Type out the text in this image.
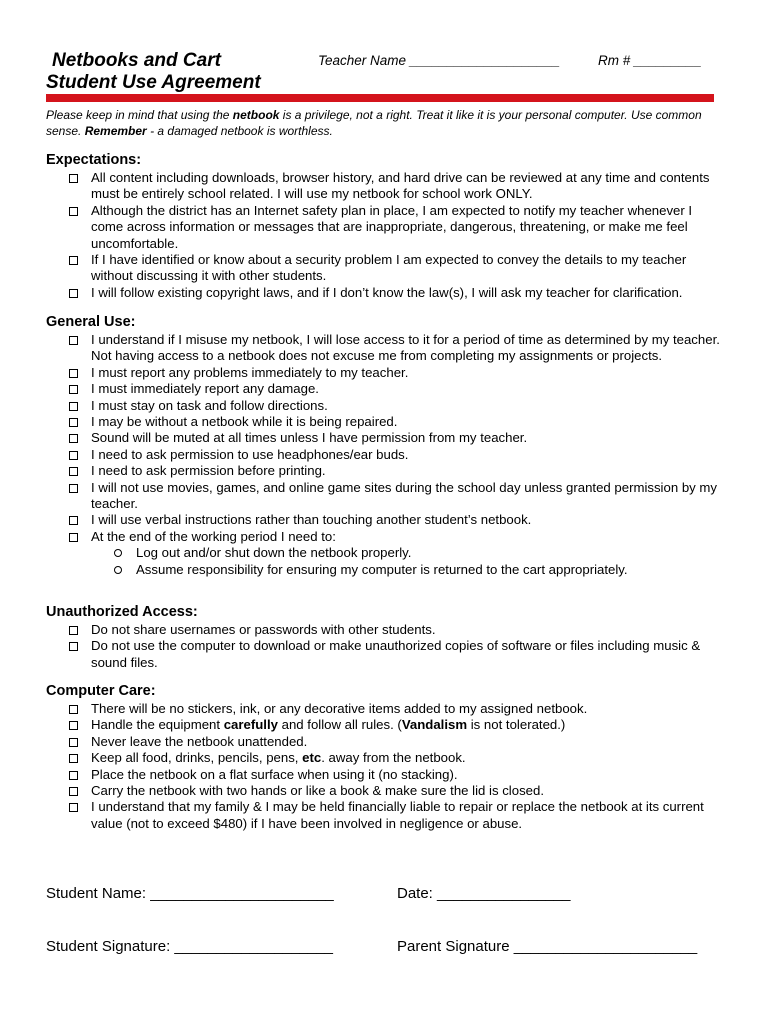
Netbooks and Cart
Student Use Agreement
Teacher Name ____________________	Rm # _________
Please keep in mind that using the netbook is a privilege, not a right. Treat it like it is your personal computer. Use common sense. Remember - a damaged netbook is worthless.
Expectations:
All content including downloads, browser history, and hard drive can be reviewed at any time and contents must be entirely school related. I will use my netbook for school work ONLY.
Although the district has an Internet safety plan in place, I am expected to notify my teacher whenever I come across information or messages that are inappropriate, dangerous, threatening, or make me feel uncomfortable.
If I have identified or know about a security problem I am expected to convey the details to my teacher without discussing it with other students.
I will follow existing copyright laws, and if I don’t know the law(s), I will ask my teacher for clarification.
General Use:
I understand if I misuse my netbook, I will lose access to it for a period of time as determined by my teacher. Not having access to a netbook does not excuse me from completing my assignments or projects.
I must report any problems immediately to my teacher.
I must immediately report any damage.
I must stay on task and follow directions.
I may be without a netbook while it is being repaired.
Sound will be muted at all times unless I have permission from my teacher.
I need to ask permission to use headphones/ear buds.
I need to ask permission before printing.
I will not use movies, games, and online game sites during the school day unless granted permission by my teacher.
I will use verbal instructions rather than touching another student’s netbook.
At the end of the working period I need to:
Log out and/or shut down the netbook properly.
Assume responsibility for ensuring my computer is returned to the cart appropriately.
Unauthorized Access:
Do not share usernames or passwords with other students.
Do not use the computer to download or make unauthorized copies of software or files including music & sound files.
Computer Care:
There will be no stickers, ink, or any decorative items added to my assigned netbook.
Handle the equipment carefully and follow all rules. (Vandalism is not tolerated.)
Never leave the netbook unattended.
Keep all food, drinks, pencils, pens, etc. away from the netbook.
Place the netbook on a flat surface when using it (no stacking).
Carry the netbook with two hands or like a book & make sure the lid is closed.
I understand that my family & I may be held financially liable to repair or replace the netbook at its current value (not to exceed $480) if I have been involved in negligence or abuse.
Student Name: ______________________	Date: ________________
Student Signature: ___________________	Parent Signature ______________________
